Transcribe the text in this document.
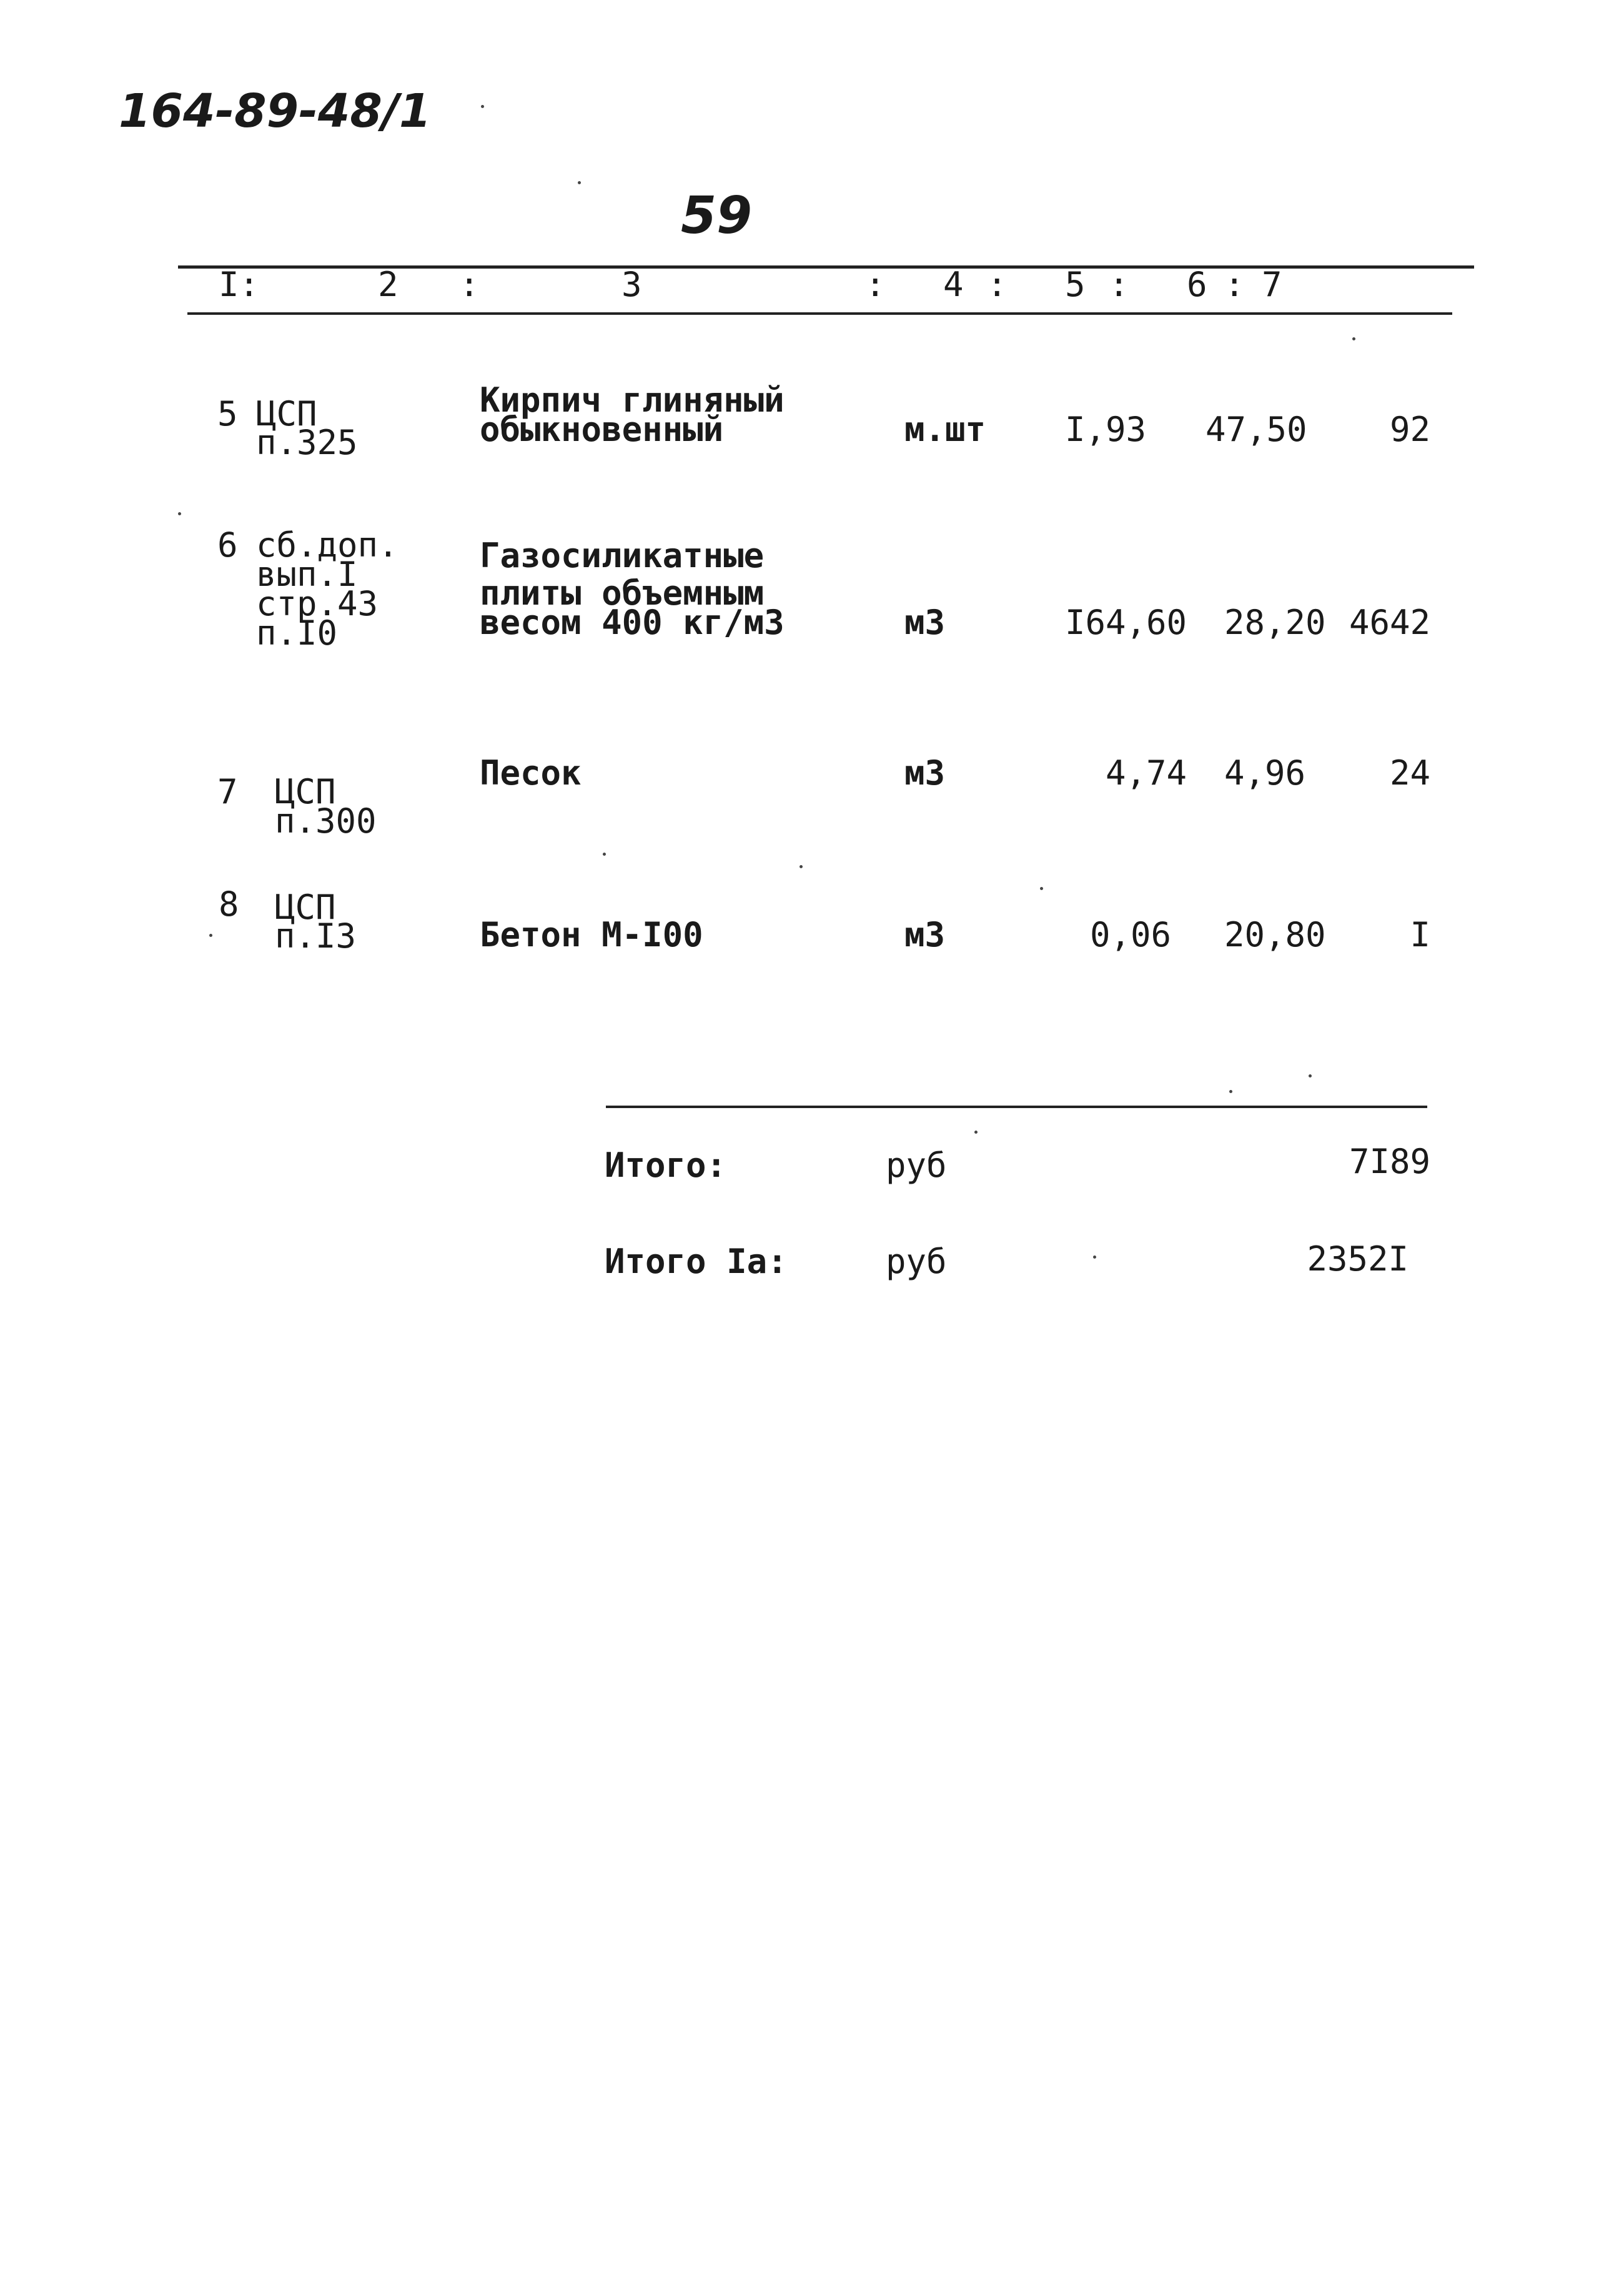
164-89-48/1
59
I:	2 :	3	: 4 : 5 : 6 : 7
5 ЦСП
п.325
Кирпич глиняный
обыкновенный	м.шт I,93 47,50	92
6 сб.доп.
вып.I
стр.43
п.I0
Газосиликатные
плиты объемным
весом 400 кг/м3	м3	I64,60 28,20 4642
7 ЦСП
п.300
Песок	м3	4,74 4,96	24
8 ЦСП
п.I3	Бетон М-I00	м3	0,06 20,80	I
Итого:	руб	7I89
Итого Iа:	руб	2352I
